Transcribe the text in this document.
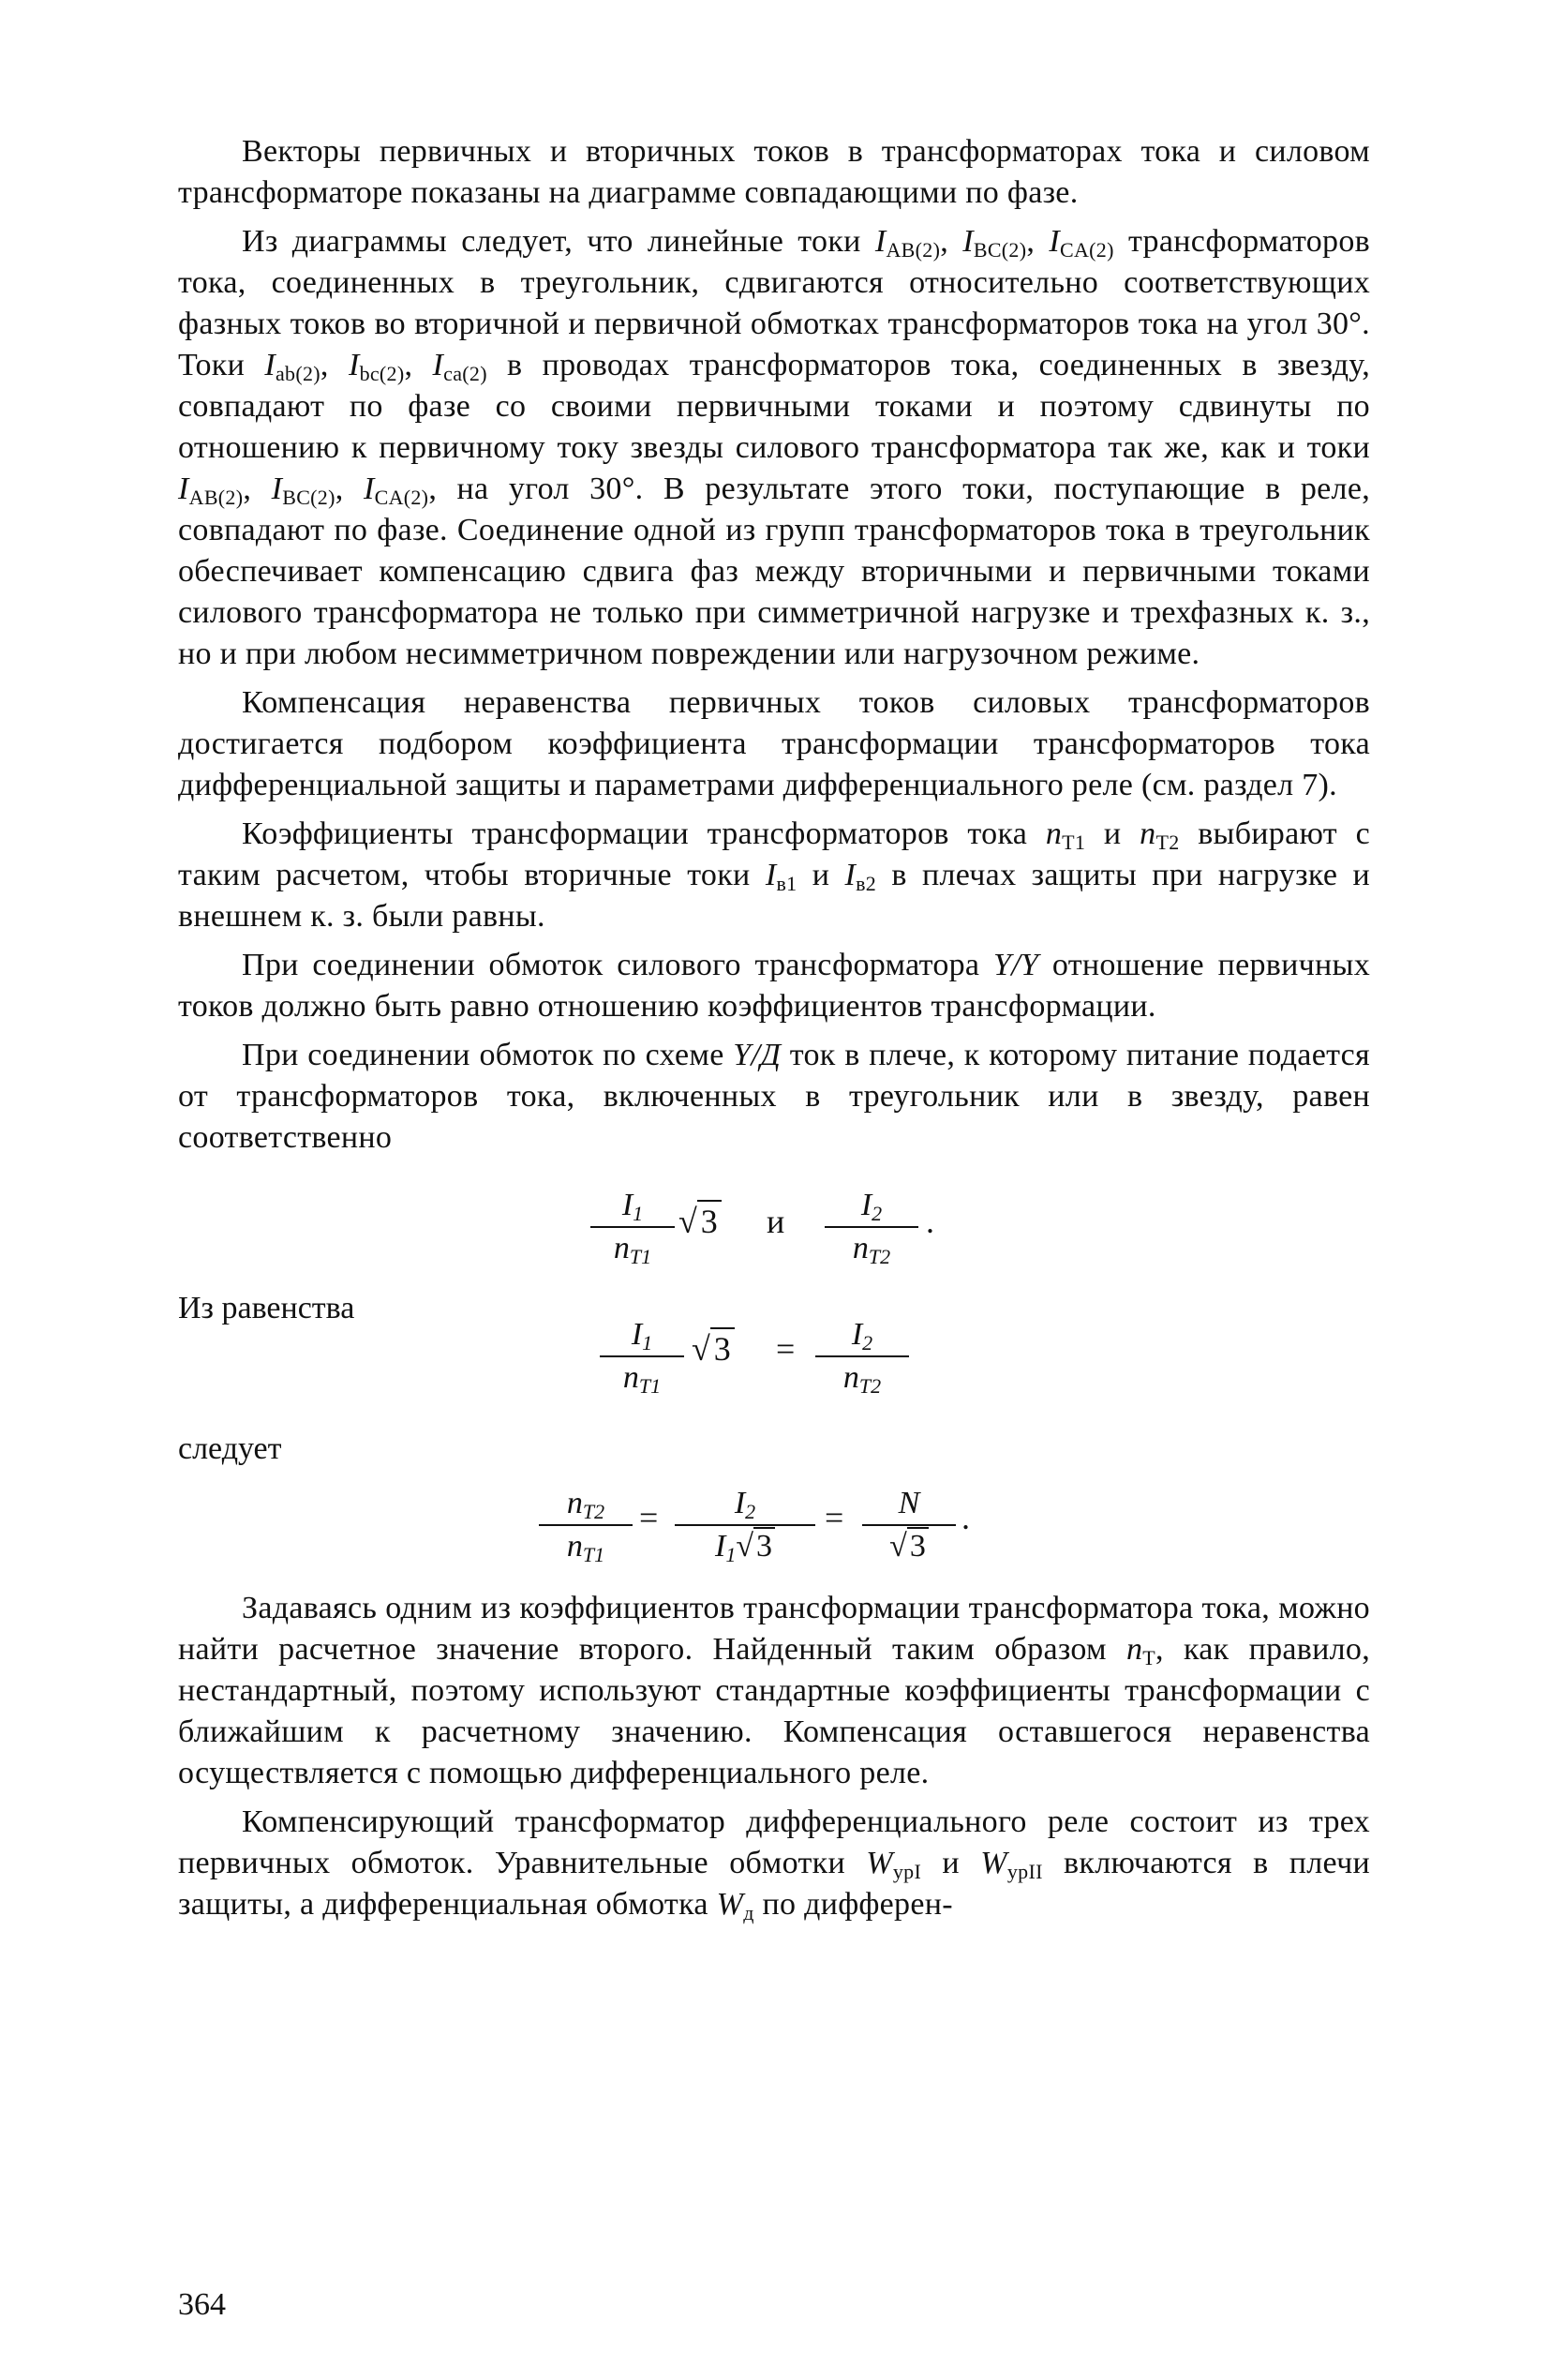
Векторы первичных и вторичных токов в трансформаторах тока и силовом трансформаторе показаны на диаграмме совпадающими по фазе.

Из диаграммы следует, что линейные токи $I_{AB(2)}$, $I_{BC(2)}$, $I_{CA(2)}$ трансформаторов тока, соединенных в треугольник, сдвигаются относительно соответствующих фазных токов во вторичной и первичной обмотках трансформаторов тока на угол 30°. Токи $I_{ab(2)}$, $I_{bc(2)}$, $I_{ca(2)}$ в проводах трансформаторов тока, соединенных в звезду, совпадают по фазе со своими первичными токами и поэтому сдвинуты по отношению к первичному току звезды силового трансформатора так же, как и токи $I_{AB(2)}$, $I_{BC(2)}$, $I_{CA(2)}$, на угол 30°. В результате этого токи, поступающие в реле, совпадают по фазе. Соединение одной из групп трансформаторов тока в треугольник обеспечивает компенсацию сдвига фаз между вторичными и первичными токами силового трансформатора не только при симметричной нагрузке и трехфазных к. з., но и при любом несимметричном повреждении или нагрузочном режиме.

Компенсация неравенства первичных токов силовых трансформаторов достигается подбором коэффициента трансформации трансформаторов тока дифференциальной защиты и параметрами дифференциального реле (см. раздел 7).

Коэффициенты трансформации трансформаторов тока $n_{T1}$ и $n_{T2}$ выбирают с таким расчетом, чтобы вторичные токи $I_{в1}$ и $I_{в2}$ в плечах защиты при нагрузке и внешнем к. з. были равны.

При соединении обмоток силового трансформатора Y/Y отношение первичных токов должно быть равно отношению коэффициентов трансформации.

При соединении обмоток по схеме Y/Д ток в плече, к которому питание подается от трансформаторов тока, включенных в треугольник или в звезду, равен соответственно

$I_1$
$n_{T1}$
√ 3 и	$I_2$
$n_{T2}$
.

Из равенства

$I_1$
$n_{T1}$
√ 3 =	$I_2$
$n_{T2}$

следует

$n_{T2}$
$n_{T1}$
=	$I_2$
$I_1√3$
=	N
√3
.

Задаваясь одним из коэффициентов трансформации трансформатора тока, можно найти расчетное значение второго. Найденный таким образом $n_T$, как правило, нестандартный, поэтому используют стандартные коэффициенты трансформации с ближайшим к расчетному значению. Компенсация оставшегося неравенства осуществляется с помощью дифференциального реле.

Компенсирующий трансформатор дифференциального реле состоит из трех первичных обмоток. Уравнительные обмотки $W_{урI}$ и $W_{урII}$ включаются в плечи защиты, а дифференциальная обмотка $W_д$ по дифферен-

364
